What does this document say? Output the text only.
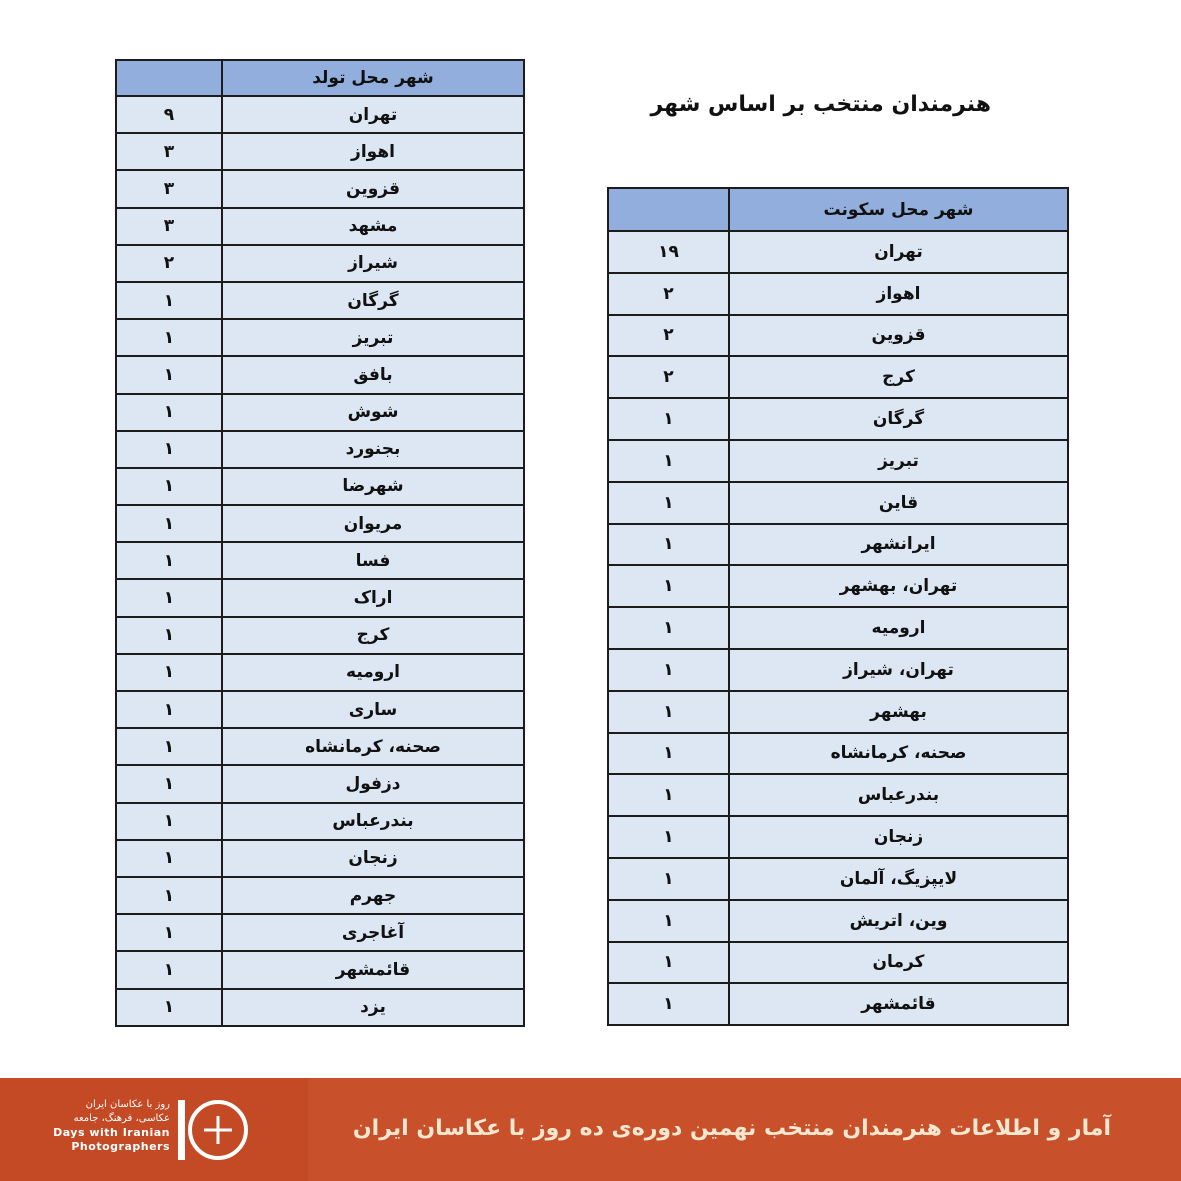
شهر محل تولد	
تهران	۹
اهواز	۳
قزوین	۳
مشهد	۳
شیراز	۲
گرگان	۱
تبریز	۱
بافق	۱
شوش	۱
بجنورد	۱
شهرضا	۱
مریوان	۱
فسا	۱
اراک	۱
کرج	۱
ارومیه	۱
ساری	۱
صحنه، کرمانشاه	۱
دزفول	۱
بندرعباس	۱
زنجان	۱
جهرم	۱
آغاجری	۱
قائمشهر	۱
یزد	۱
هنرمندان منتخب بر اساس شهر
شهر محل سکونت	
تهران	۱۹
اهواز	۲
قزوین	۲
کرج	۲
گرگان	۱
تبریز	۱
قاین	۱
ایرانشهر	۱
تهران، بهشهر	۱
ارومیه	۱
تهران، شیراز	۱
بهشهر	۱
صحنه، کرمانشاه	۱
بندرعباس	۱
زنجان	۱
لایپزیگ، آلمان	۱
وین، اتریش	۱
کرمان	۱
قائمشهر	۱
روز با عکاسان ایران
عکاسی، فرهنگ، جامعه
Days with Iranian
Photographers
آمار و اطلاعات هنرمندان منتخب نهمین دوره‌ی ده روز با عکاسان ایران
